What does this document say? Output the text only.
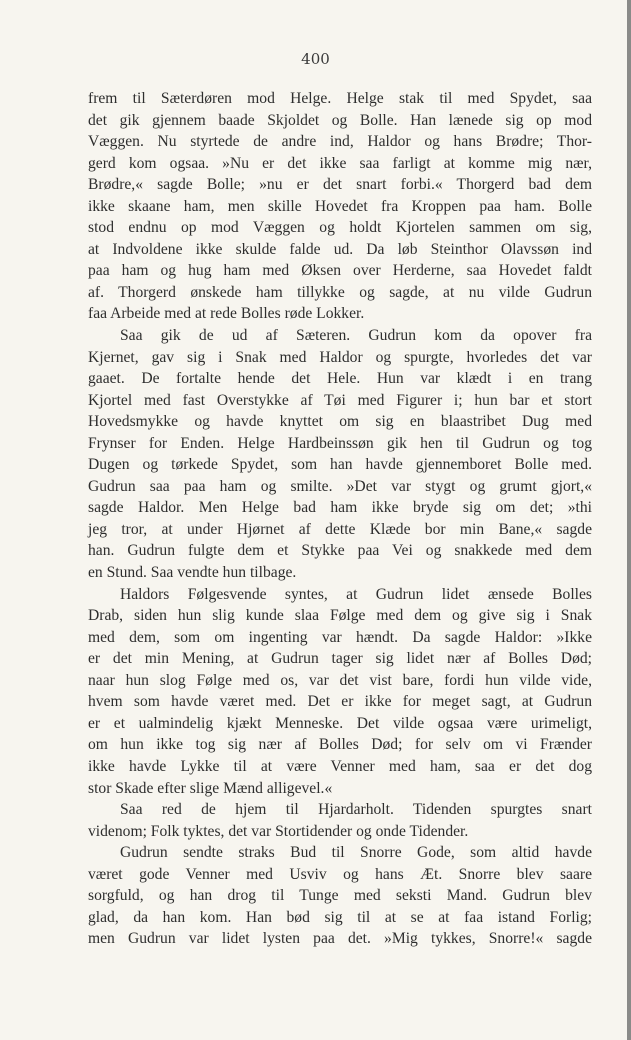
400
frem til Sæterdøren mod Helge. Helge stak til med Spydet, saa
det gik gjennem baade Skjoldet og Bolle. Han lænede sig op mod
Væggen. Nu styrtede de andre ind, Haldor og hans Brødre; Thor-
gerd kom ogsaa. »Nu er det ikke saa farligt at komme mig nær,
Brødre,« sagde Bolle; »nu er det snart forbi.« Thorgerd bad dem
ikke skaane ham, men skille Hovedet fra Kroppen paa ham. Bolle
stod endnu op mod Væggen og holdt Kjortelen sammen om sig,
at Indvoldene ikke skulde falde ud. Da løb Steinthor Olavssøn ind
paa ham og hug ham med Øksen over Herderne, saa Hovedet faldt
af. Thorgerd ønskede ham tillykke og sagde, at nu vilde Gudrun
faa Arbeide med at rede Bolles røde Lokker.
Saa gik de ud af Sæteren. Gudrun kom da opover fra
Kjernet, gav sig i Snak med Haldor og spurgte, hvorledes det var
gaaet. De fortalte hende det Hele. Hun var klædt i en trang
Kjortel med fast Overstykke af Tøi med Figurer i; hun bar et stort
Hovedsmykke og havde knyttet om sig en blaastribet Dug med
Frynser for Enden. Helge Hardbeinssøn gik hen til Gudrun og tog
Dugen og tørkede Spydet, som han havde gjennemboret Bolle med.
Gudrun saa paa ham og smilte. »Det var stygt og grumt gjort,«
sagde Haldor. Men Helge bad ham ikke bryde sig om det; »thi
jeg tror, at under Hjørnet af dette Klæde bor min Bane,« sagde
han. Gudrun fulgte dem et Stykke paa Vei og snakkede med dem
en Stund. Saa vendte hun tilbage.
Haldors Følgesvende syntes, at Gudrun lidet ænsede Bolles
Drab, siden hun slig kunde slaa Følge med dem og give sig i Snak
med dem, som om ingenting var hændt. Da sagde Haldor: »Ikke
er det min Mening, at Gudrun tager sig lidet nær af Bolles Død;
naar hun slog Følge med os, var det vist bare, fordi hun vilde vide,
hvem som havde været med. Det er ikke for meget sagt, at Gudrun
er et ualmindelig kjækt Menneske. Det vilde ogsaa være urimeligt,
om hun ikke tog sig nær af Bolles Død; for selv om vi Frænder
ikke havde Lykke til at være Venner med ham, saa er det dog
stor Skade efter slige Mænd alligevel.«
Saa red de hjem til Hjardarholt. Tidenden spurgtes snart
videnom; Folk tyktes, det var Stortidender og onde Tidender.
Gudrun sendte straks Bud til Snorre Gode, som altid havde
været gode Venner med Usviv og hans Æt. Snorre blev saare
sorgfuld, og han drog til Tunge med seksti Mand. Gudrun blev
glad, da han kom. Han bød sig til at se at faa istand Forlig;
men Gudrun var lidet lysten paa det. »Mig tykkes, Snorre!« sagde
